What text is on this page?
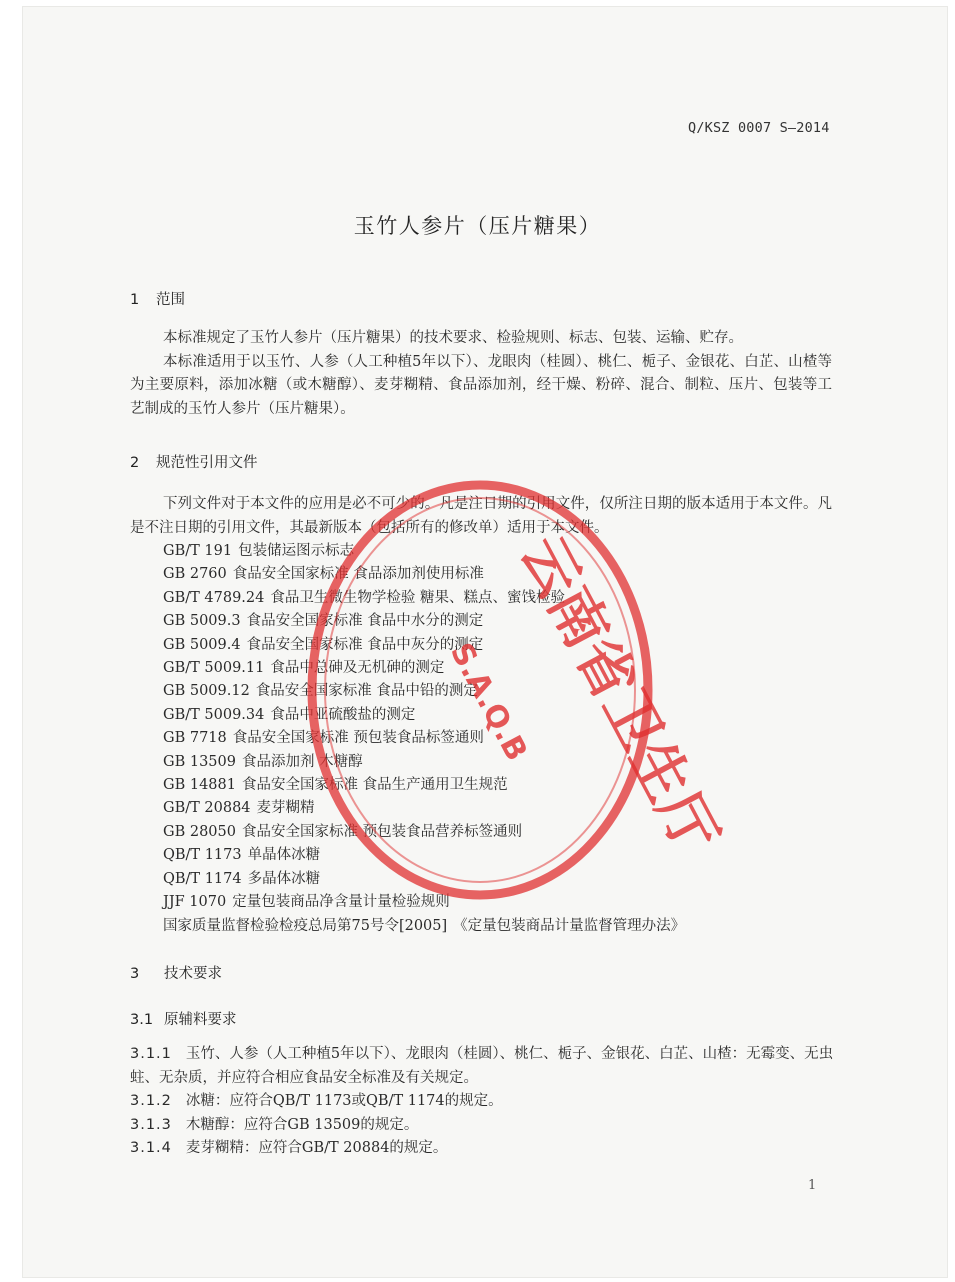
Q/KSZ 0007 S—2014
玉竹人参片（压片糖果）
1 范围

本标准规定了玉竹人参片（压片糖果）的技术要求、检验规则、标志、包装、运输、贮存。

本标准适用于以玉竹、人参（人工种植5年以下）、龙眼肉（桂圆）、桃仁、栀子、金银花、白芷、山楂等为主要原料，添加冰糖（或木糖醇）、麦芽糊精、食品添加剂，经干燥、粉碎、混合、制粒、压片、包装等工艺制成的玉竹人参片（压片糖果）。

2 规范性引用文件

下列文件对于本文件的应用是必不可少的。凡是注日期的引用文件，仅所注日期的版本适用于本文件。凡是不注日期的引用文件，其最新版本（包括所有的修改单）适用于本文件。

GB/T 191 包装储运图示标志
GB 2760 食品安全国家标准 食品添加剂使用标准
GB/T 4789.24 食品卫生微生物学检验 糖果、糕点、蜜饯检验
GB 5009.3 食品安全国家标准 食品中水分的测定
GB 5009.4 食品安全国家标准 食品中灰分的测定
GB/T 5009.11 食品中总砷及无机砷的测定
GB 5009.12 食品安全国家标准 食品中铅的测定
GB/T 5009.34 食品中亚硫酸盐的测定
GB 7718 食品安全国家标准 预包装食品标签通则
GB 13509 食品添加剂 木糖醇
GB 14881 食品安全国家标准 食品生产通用卫生规范
GB/T 20884 麦芽糊精
GB 28050 食品安全国家标准 预包装食品营养标签通则
QB/T 1173 单晶体冰糖
QB/T 1174 多晶体冰糖
JJF 1070 定量包装商品净含量计量检验规则
国家质量监督检验检疫总局第75号令[2005] 《定量包装商品计量监督管理办法》
3 技术要求
3.1 原辅料要求
3.1.1 玉竹、人参（人工种植5年以下）、龙眼肉（桂圆）、桃仁、栀子、金银花、白芷、山楂：无霉变、无虫蛀、无杂质，并应符合相应食品安全标准及有关规定。
3.1.2 冰糖：应符合QB/T 1173或QB/T 1174的规定。
3.1.3 木糖醇：应符合GB 13509的规定。
3.1.4 麦芽糊精：应符合GB/T 20884的规定。
1
云南省卫生厅
S.A.Q.B
